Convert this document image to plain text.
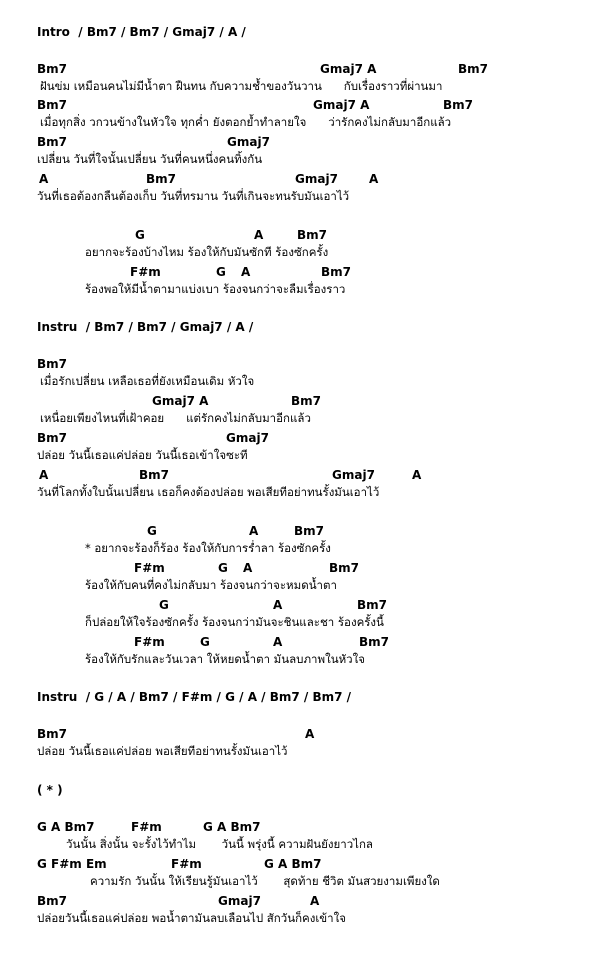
Intro  / Bm7 / Bm7 / Gmaj7 / A /
Bm7	Gmaj7 A	Bm7
ฝันข่ม เหมือนคนไม่มีน้ำตา ฝืนทน กับความช้ำของวันวาน      กับเรื่องราวที่ผ่านมา
Bm7	Gmaj7 A	Bm7
เมื่อทุกสิ่ง วกวนข้างในหัวใจ ทุกค่ำ ยังตอกย้ำทำลายใจ      ว่ารักคงไม่กลับมาอีกแล้ว
Bm7	Gmaj7
เปลี่ยน วันที่ใจนั้นเปลี่ยน วันที่คนหนึ่งคนทิ้งกัน
A	Bm7	Gmaj7	A
วันที่เธอต้องกลืนต้องเก็บ วันที่ทรมาน วันที่เกินจะทนรับมันเอาไว้
G	A	Bm7
อยากจะร้องบ้างไหม ร้องให้กับมันซักที ร้องซักครั้ง
F#m	G A	Bm7
ร้องพอให้มีน้ำตามาแบ่งเบา ร้องจนกว่าจะลืมเรื่องราว
Instru  / Bm7 / Bm7 / Gmaj7 / A /
Bm7
เมื่อรักเปลี่ยน เหลือเธอที่ยังเหมือนเดิม หัวใจ
Gmaj7 A	Bm7
เหนื่อยเพียงไหนที่เฝ้าคอย      แต่รักคงไม่กลับมาอีกแล้ว
Bm7	Gmaj7
ปล่อย วันนี้เธอแค่ปล่อย วันนี้เธอเข้าใจซะที
A	Bm7	Gmaj7	A
วันที่โลกทั้งใบนั้นเปลี่ยน เธอก็คงต้องปล่อย พอเสียทีอย่าทนรั้งมันเอาไว้
G	A	Bm7
* อยากจะร้องก็ร้อง ร้องให้กับการร่ำลา ร้องซักครั้ง
F#m	G A	Bm7
ร้องให้กับคนที่คงไม่กลับมา ร้องจนกว่าจะหมดน้ำตา
G	A	Bm7
ก็ปล่อยให้ใจร้องซักครั้ง ร้องจนกว่ามันจะชินและชา ร้องครั้งนี้
F#m	G	A	Bm7
ร้องให้กับรักและวันเวลา ให้หยดน้ำตา มันลบภาพในหัวใจ
Instru  / G / A / Bm7 / F#m / G / A / Bm7 / Bm7 /
Bm7	A
ปล่อย วันนี้เธอแค่ปล่อย พอเสียทีอย่าทนรั้งมันเอาไว้
( * )
G A Bm7	F#m	G A Bm7
วันนั้น สิ่งนั้น จะรั้งไว้ทำไม       วันนี้ พรุ่งนี้ ความฝันยังยาวไกล
G F#m Em	F#m	G A Bm7
ความรัก วันนั้น ให้เรียนรู้มันเอาไว้       สุดท้าย ชีวิต มันสวยงามเพียงใด
Bm7	Gmaj7	A
ปล่อยวันนี้เธอแค่ปล่อย พอน้ำตามันลบเลือนไป สักวันก็คงเข้าใจ
